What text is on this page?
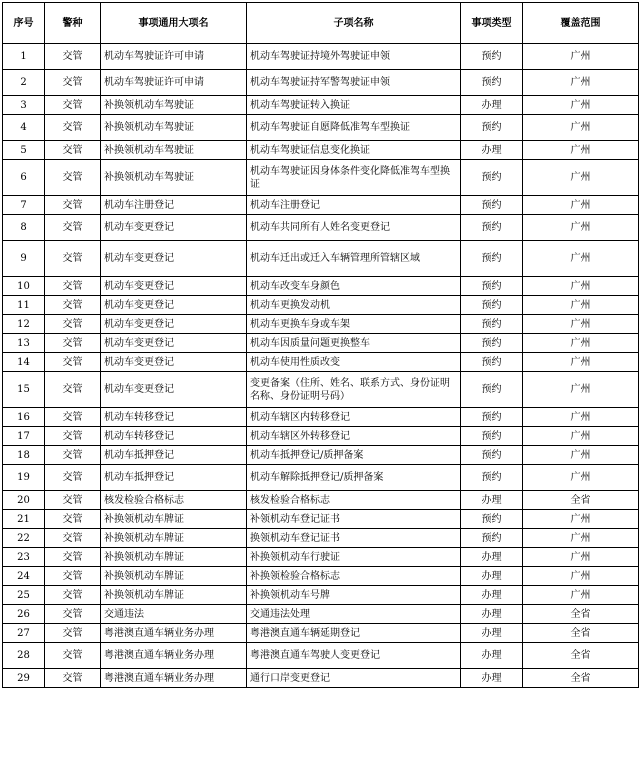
序号	警种	事项通用大项名	子项名称	事项类型	覆盖范围
1	交管	机动车驾驶证许可申请	机动车驾驶证持境外驾驶证申领	预约	广州
2	交管	机动车驾驶证许可申请	机动车驾驶证持军警驾驶证申领	预约	广州
3	交管	补换领机动车驾驶证	机动车驾驶证转入换证	办理	广州
4	交管	补换领机动车驾驶证	机动车驾驶证自愿降低准驾车型换证	预约	广州
5	交管	补换领机动车驾驶证	机动车驾驶证信息变化换证	办理	广州
6	交管	补换领机动车驾驶证	机动车驾驶证因身体条件变化降低准驾车型换证	预约	广州
7	交管	机动车注册登记	机动车注册登记	预约	广州
8	交管	机动车变更登记	机动车共同所有人姓名变更登记	预约	广州
9	交管	机动车变更登记	机动车迁出或迁入车辆管理所管辖区域	预约	广州
10	交管	机动车变更登记	机动车改变车身颜色	预约	广州
11	交管	机动车变更登记	机动车更换发动机	预约	广州
12	交管	机动车变更登记	机动车更换车身或车架	预约	广州
13	交管	机动车变更登记	机动车因质量问题更换整车	预约	广州
14	交管	机动车变更登记	机动车使用性质改变	预约	广州
15	交管	机动车变更登记	变更备案（住所、姓名、联系方式、身份证明名称、身份证明号码）	预约	广州
16	交管	机动车转移登记	机动车辖区内转移登记	预约	广州
17	交管	机动车转移登记	机动车辖区外转移登记	预约	广州
18	交管	机动车抵押登记	机动车抵押登记/质押备案	预约	广州
19	交管	机动车抵押登记	机动车解除抵押登记/质押备案	预约	广州
20	交管	核发检验合格标志	核发检验合格标志	办理	全省
21	交管	补换领机动车牌证	补领机动车登记证书	预约	广州
22	交管	补换领机动车牌证	换领机动车登记证书	预约	广州
23	交管	补换领机动车牌证	补换领机动车行驶证	办理	广州
24	交管	补换领机动车牌证	补换领检验合格标志	办理	广州
25	交管	补换领机动车牌证	补换领机动车号牌	办理	广州
26	交管	交通违法	交通违法处理	办理	全省
27	交管	粤港澳直通车辆业务办理	粤港澳直通车辆延期登记	办理	全省
28	交管	粤港澳直通车辆业务办理	粤港澳直通车驾驶人变更登记	办理	全省
29	交管	粤港澳直通车辆业务办理	通行口岸变更登记	办理	全省
